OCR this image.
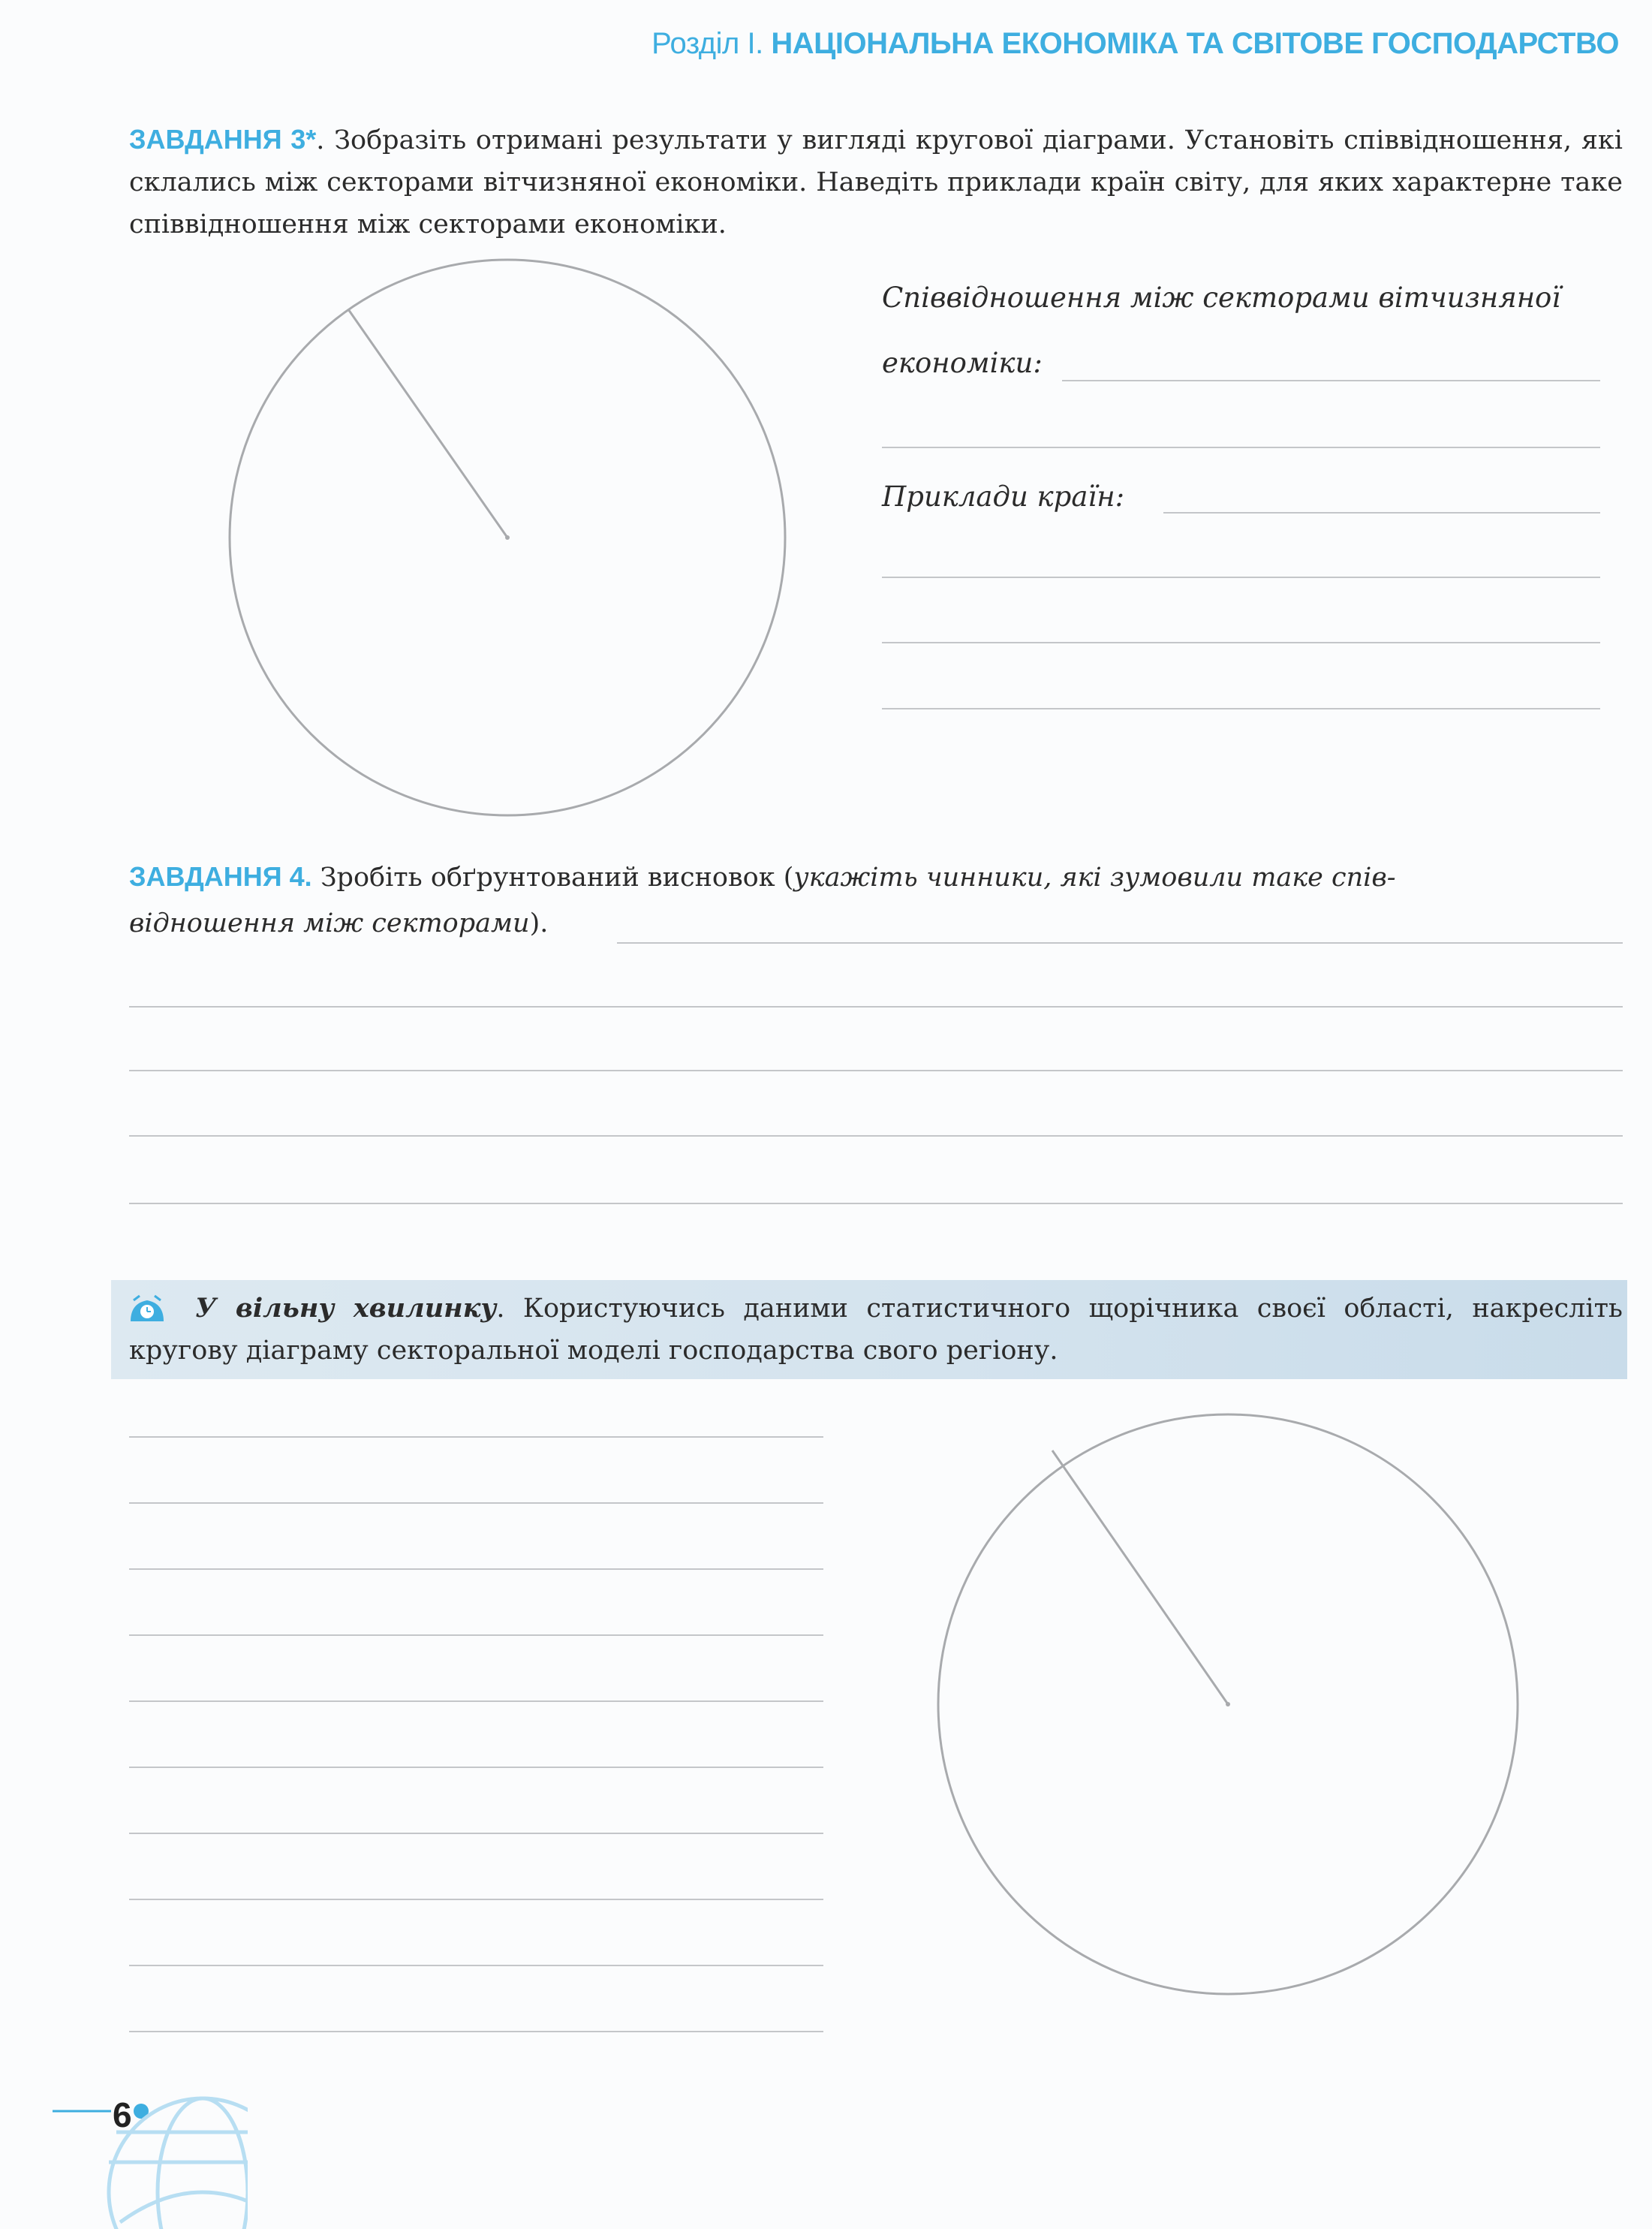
Розділ І. НАЦІОНАЛЬНА ЕКОНОМІКА ТА СВІТОВЕ ГОСПОДАРСТВО
ЗАВДАННЯ 3*. Зобразіть отримані результати у вигляді кругової діаграми. Установіть співвідношення, які склались між секторами вітчизняної економіки. Наведіть приклади країн світу, для яких характерне таке співвідношення між секторами економіки.
Співвідношення між секторами вітчизняної
економіки:
Приклади країн:
ЗАВДАННЯ 4. Зробіть обґрунтований висновок (укажіть чинники, які зумовили таке спів-
відношення між секторами).
У вільну хвилинку. Користуючись даними статистичного щорічника своєї області, накресліть кругову діаграму секторальної моделі господарства свого регіону.
6
